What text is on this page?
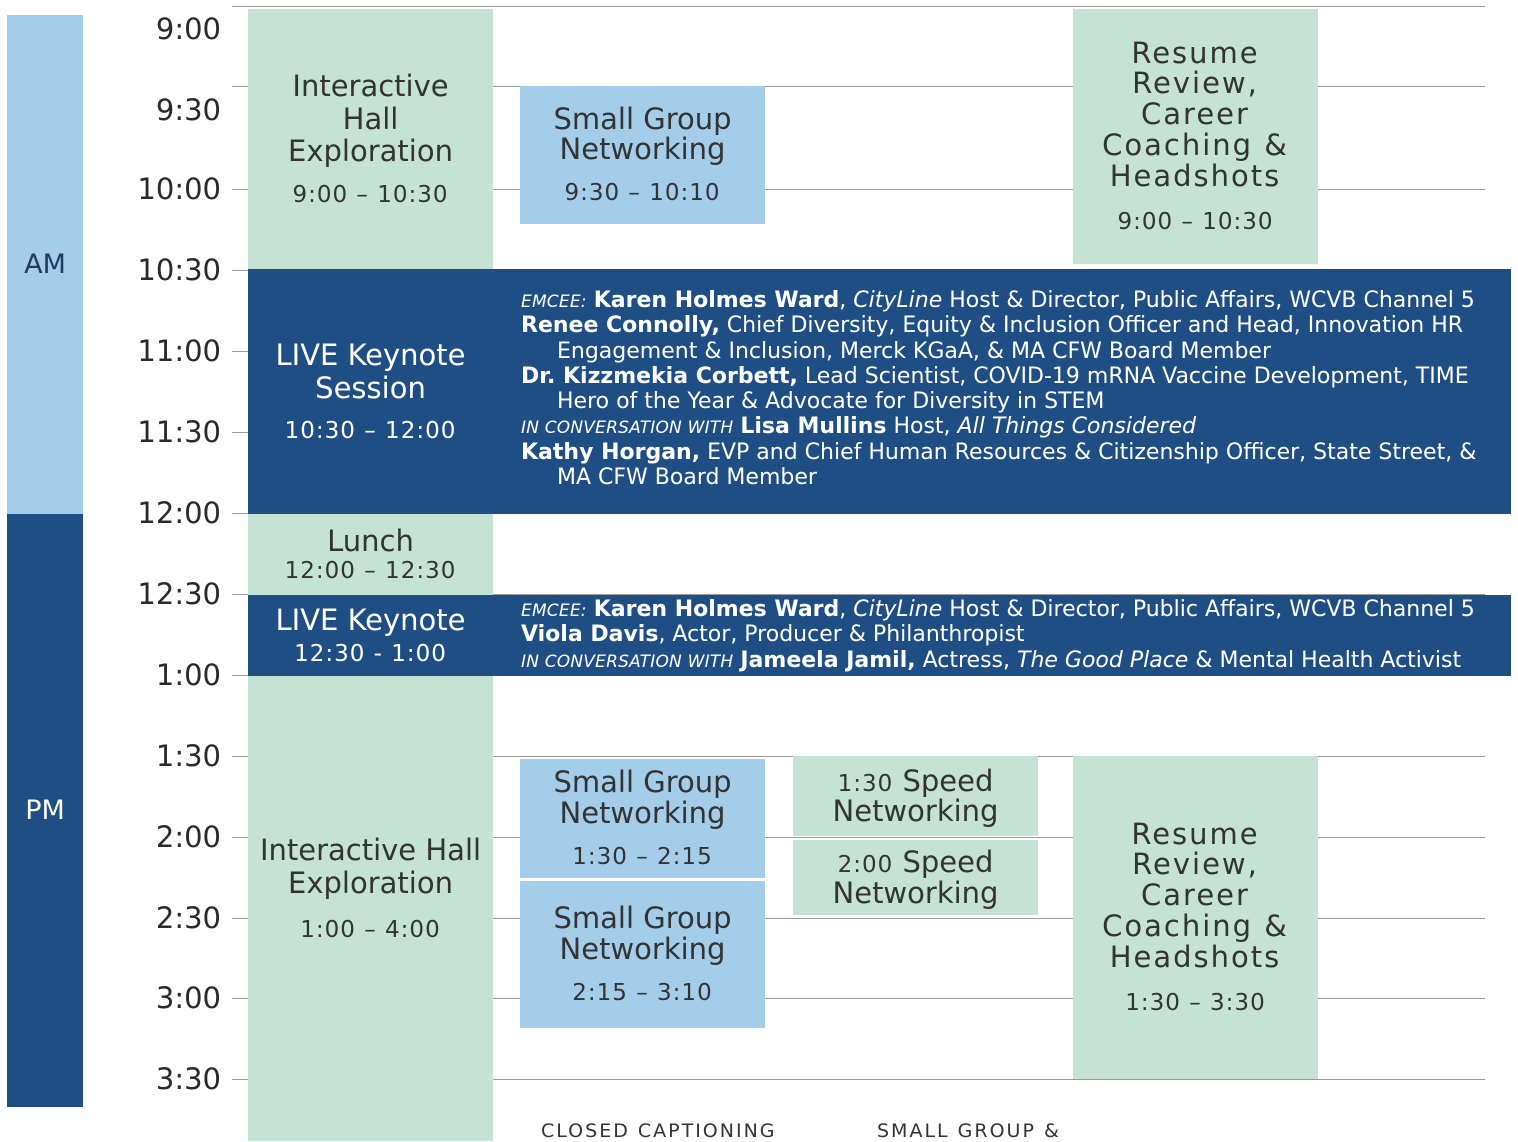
AM
PM
9:00
9:30
10:00
10:30
11:00
11:30
12:00
12:30
1:00
1:30
2:00
2:30
3:00
3:30
Interactive Hall Exploration
9:00 – 10:30
Small Group Networking
9:30 – 10:10
Resume Review, Career Coaching & Headshots
9:00 – 10:30
LIVE Keynote Session
10:30 – 12:00
EMCEE: Karen Holmes Ward, CityLine Host & Director, Public Affairs, WCVB Channel 5
Renee Connolly, Chief Diversity, Equity & Inclusion Officer and Head, Innovation HR
Engagement & Inclusion, Merck KGaA, & MA CFW Board Member
Dr. Kizzmekia Corbett, Lead Scientist, COVID-19 mRNA Vaccine Development, TIME
Hero of the Year & Advocate for Diversity in STEM
IN CONVERSATION WITH Lisa Mullins Host, All Things Considered
Kathy Horgan, EVP and Chief Human Resources & Citizenship Officer, State Street, &
MA CFW Board Member
Lunch
12:00 – 12:30
LIVE Keynote
12:30 - 1:00
EMCEE: Karen Holmes Ward, CityLine Host & Director, Public Affairs, WCVB Channel 5
Viola Davis, Actor, Producer & Philanthropist
IN CONVERSATION WITH Jameela Jamil, Actress, The Good Place & Mental Health Activist
Interactive Hall Exploration
1:00 – 4:00
Small Group Networking
1:30 – 2:15
Small Group Networking
2:15 – 3:10
1:30 Speed Networking
2:00 Speed Networking
Resume Review, Career Coaching & Headshots
1:30 – 3:30
CLOSED CAPTIONING	SMALL GROUP &
